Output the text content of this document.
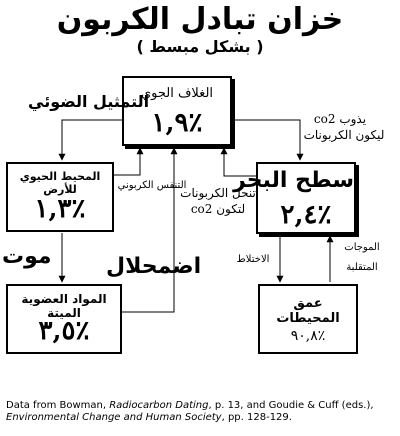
خزان تبادل الكربون
( بشكل مبسط )
الغلاف الجوي
١,٩٪
المحيط الحيوي للأرض
١,٣٪
سطح البحر
٢,٤٪
المواد العضوية الميتة
٣,٥٪
عمق المحيطات
٩٠,٨٪
التمثيل الضوئي
التنفس الكربوني
موت اضمحلال
يذوب co2
ليكون الكربونات
تنحل الكربونات
لتكون co2
الاختلاط
الموجات
المتقلبة
Data from Bowman, Radiocarbon Dating, p. 13, and Goudie & Cuff (eds.),
Environmental Change and Human Society, pp. 128-129.
